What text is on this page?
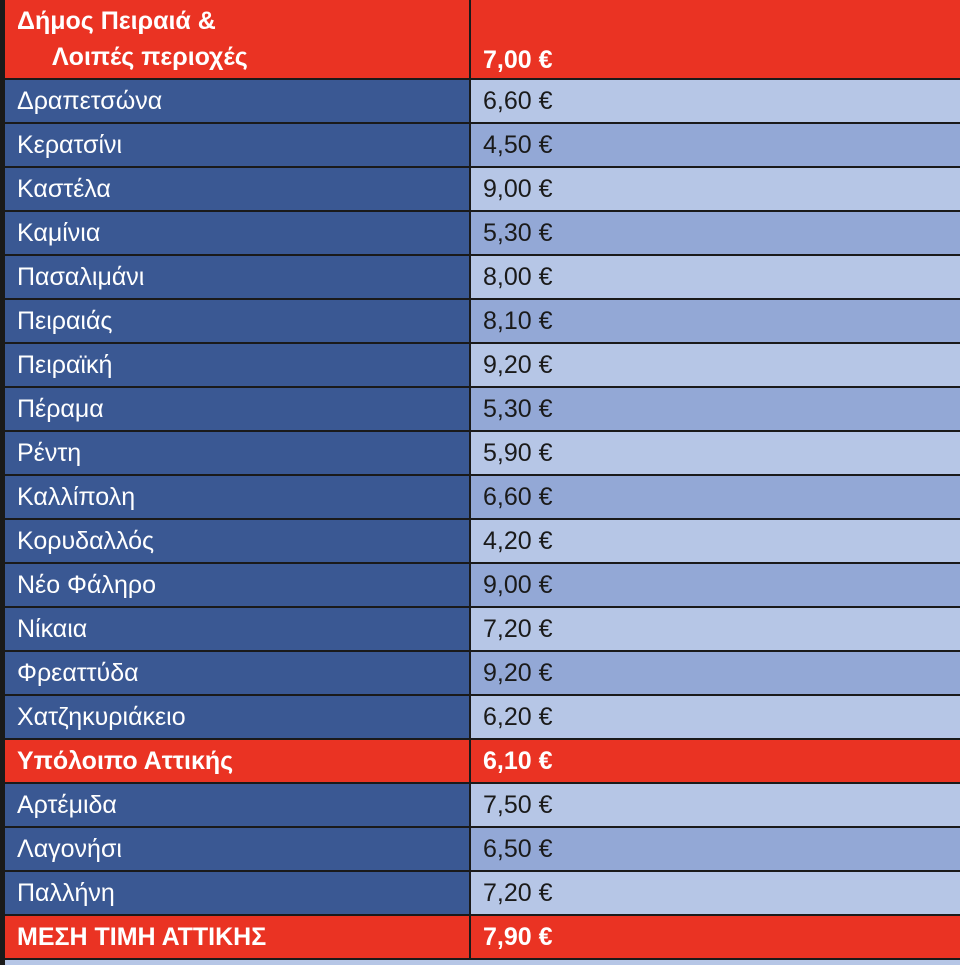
Δήμος Πειραιά &
Λοιπές περιοχές	7,00 €
Δραπετσώνα	6,60 €
Κερατσίνι	4,50 €
Καστέλα	9,00 €
Καμίνια	5,30 €
Πασαλιμάνι	8,00 €
Πειραιάς	8,10 €
Πειραϊκή	9,20 €
Πέραμα	5,30 €
Ρέντη	5,90 €
Καλλίπολη	6,60 €
Κορυδαλλός	4,20 €
Νέο Φάληρο	9,00 €
Νίκαια	7,20 €
Φρεαττύδα	9,20 €
Χατζηκυριάκειο	6,20 €
Υπόλοιπο Αττικής	6,10 €
Αρτέμιδα	7,50 €
Λαγονήσι	6,50 €
Παλλήνη	7,20 €
ΜΕΣΗ ΤΙΜΗ ΑΤΤΙΚΗΣ	7,90 €
